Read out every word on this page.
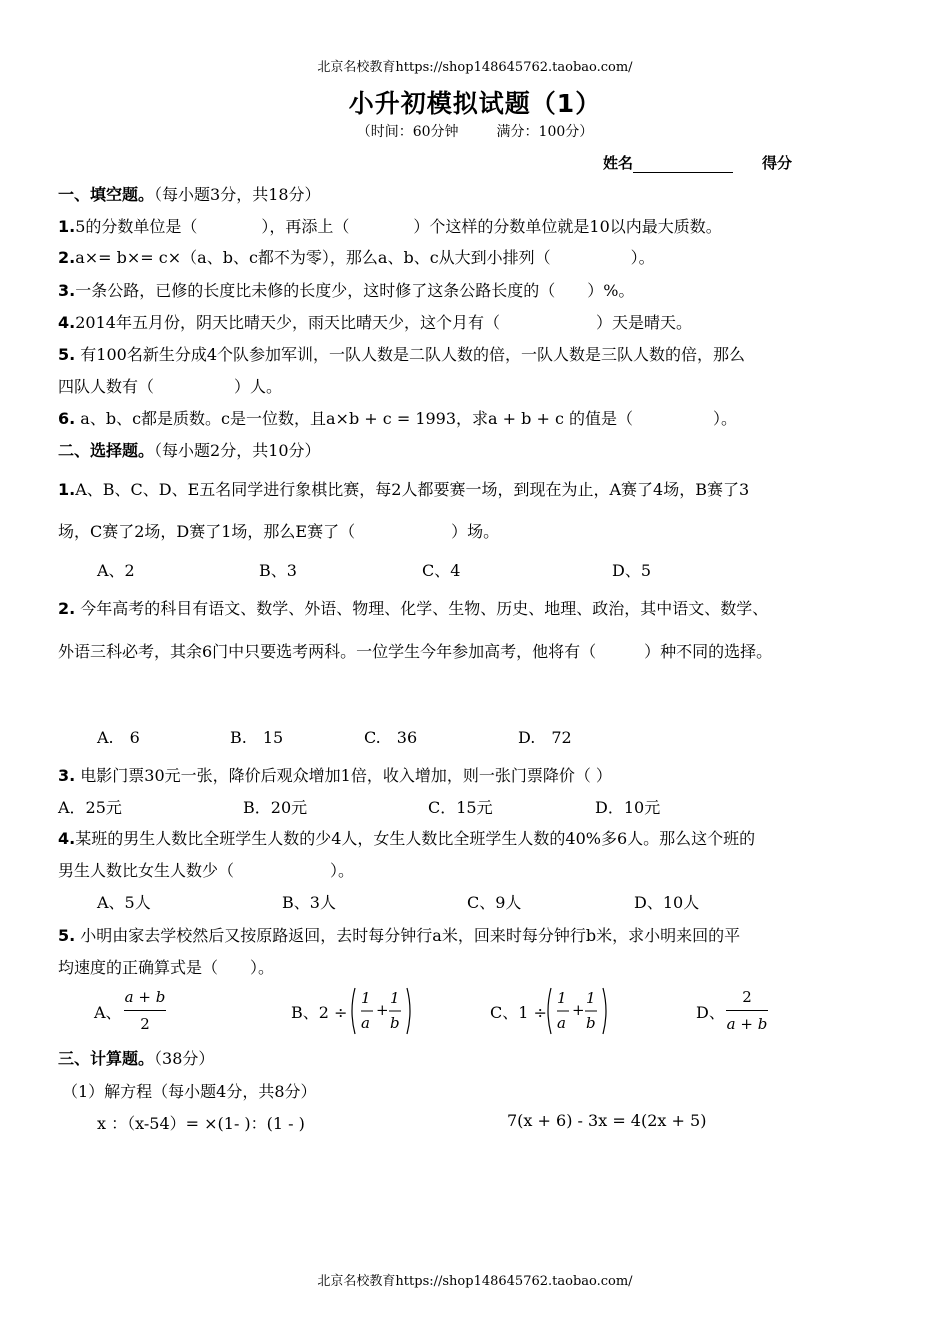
北京名校教育https://shop148645762.taobao.com/
小升初模拟试题（1）
（时间：60分钟	满分：100分）
姓名	得分
一、填空题。（每小题3分，共18分）
1.5的分数单位是（　　　　），再添上（　　　　）个这样的分数单位就是10以内最大质数。
2.a×= b×= c×（a、b、c都不为零），那么a、b、c从大到小排列（　　　　　）。
3.一条公路，已修的长度比未修的长度少，这时修了这条公路长度的（　　）%。
4.2014年五月份，阴天比晴天少，雨天比晴天少，这个月有（　　　　　　）天是晴天。
5. 有100名新生分成4个队参加军训，一队人数是二队人数的倍，一队人数是三队人数的倍，那么
四队人数有（　　　　　）人。
6. a、b、c都是质数。c是一位数，且a×b + c = 1993，求a + b + c 的值是（　　　　　）。
二、选择题。（每小题2分，共10分）
1.A、B、C、D、E五名同学进行象棋比赛，每2人都要赛一场，到现在为止，A赛了4场，B赛了3
场，C赛了2场，D赛了1场，那么E赛了（　　　　　　）场。
A、2	B、3	C、4	D、5
2. 今年高考的科目有语文、数学、外语、物理、化学、生物、历史、地理、政治，其中语文、数学、
外语三科必考，其余6门中只要选考两科。一位学生今年参加高考，他将有（　　　）种不同的选择。
A.　6	B.　15	C.　36	D.　72
3. 电影门票30元一张，降价后观众增加1倍，收入增加，则一张门票降价（ ）
A．25元	B．20元	C．15元	D．10元
4.某班的男生人数比全班学生人数的少4人，女生人数比全班学生人数的40%多6人。那么这个班的
男生人数比女生人数少（　　　　　　）。
A、5人	B、3人	C、9人	D、10人
5. 小明由家去学校然后又按原路返回，去时每分钟行a米，回来时每分钟行b米，求小明来回的平
均速度的正确算式是（　　）。
A、
a + b
2
B、2 ÷
1
a
+
1
b
C、1 ÷
1
a
+
1
b
D、
2
a + b
三、计算题。（38分）
（1）解方程（每小题4分，共8分）
x ：（x-54）= ×(1- )：(1 - )	7(x + 6) - 3x = 4(2x + 5)
北京名校教育https://shop148645762.taobao.com/
